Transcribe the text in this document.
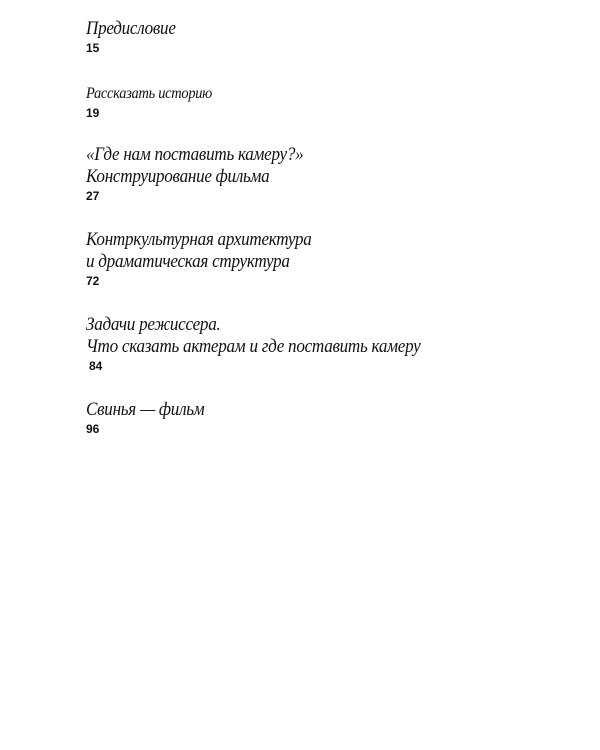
Предисловие
15
Рассказать историю
19
«Где нам поставить камеру?»
Конструирование фильма
27
Контркультурная архитектура
и драматическая структура
72
Задачи режиссера.
Что сказать актерам и где поставить камеру
84
Свинья — фильм
96
